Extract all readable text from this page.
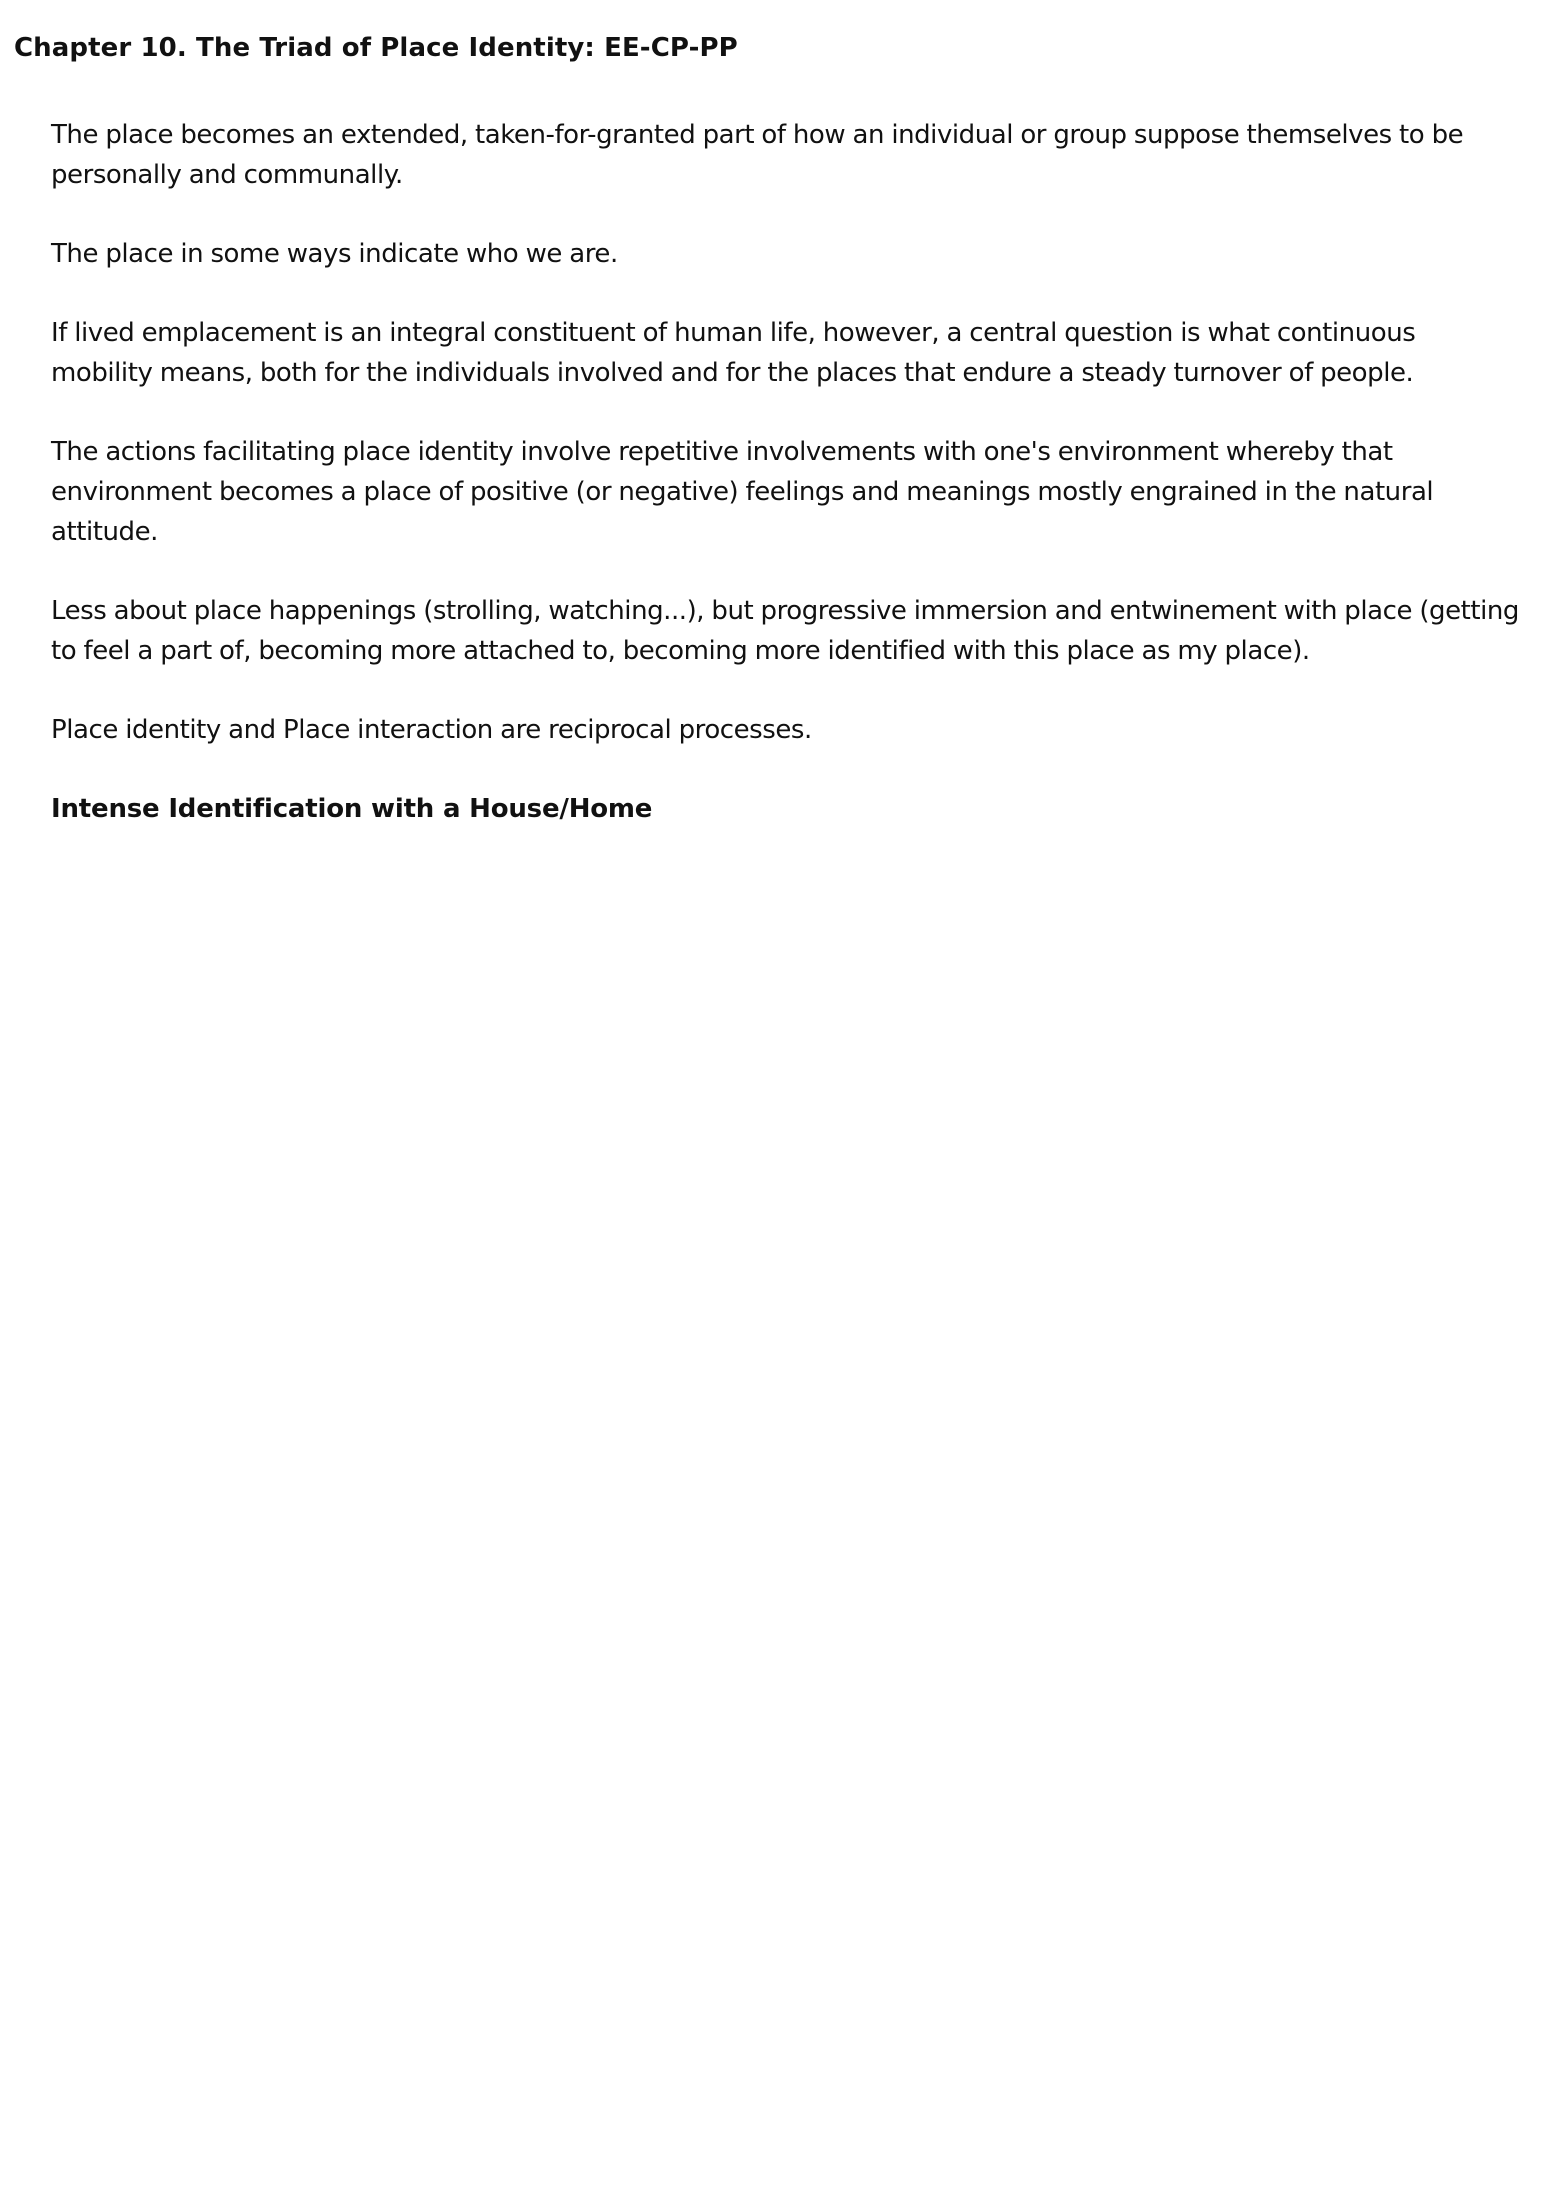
Chapter 10. The Triad of Place Identity: EE-CP-PP

The place becomes an extended, taken-for-granted part of how an individual or group suppose themselves to be personally and communally.

The place in some ways indicate who we are.

If lived emplacement is an integral constituent of human life, however, a central question is what continuous mobility means, both for the individuals involved and for the places that endure a steady turnover of people.

The actions facilitating place identity involve repetitive involvements with one's environment whereby that environment becomes a place of positive (or negative) feelings and meanings mostly engrained in the natural attitude.

Less about place happenings (strolling, watching...), but progressive immersion and entwinement with place (getting to feel a part of, becoming more attached to, becoming more identified with this place as my place).

Place identity and Place interaction are reciprocal processes.

Intense Identification with a House/Home
